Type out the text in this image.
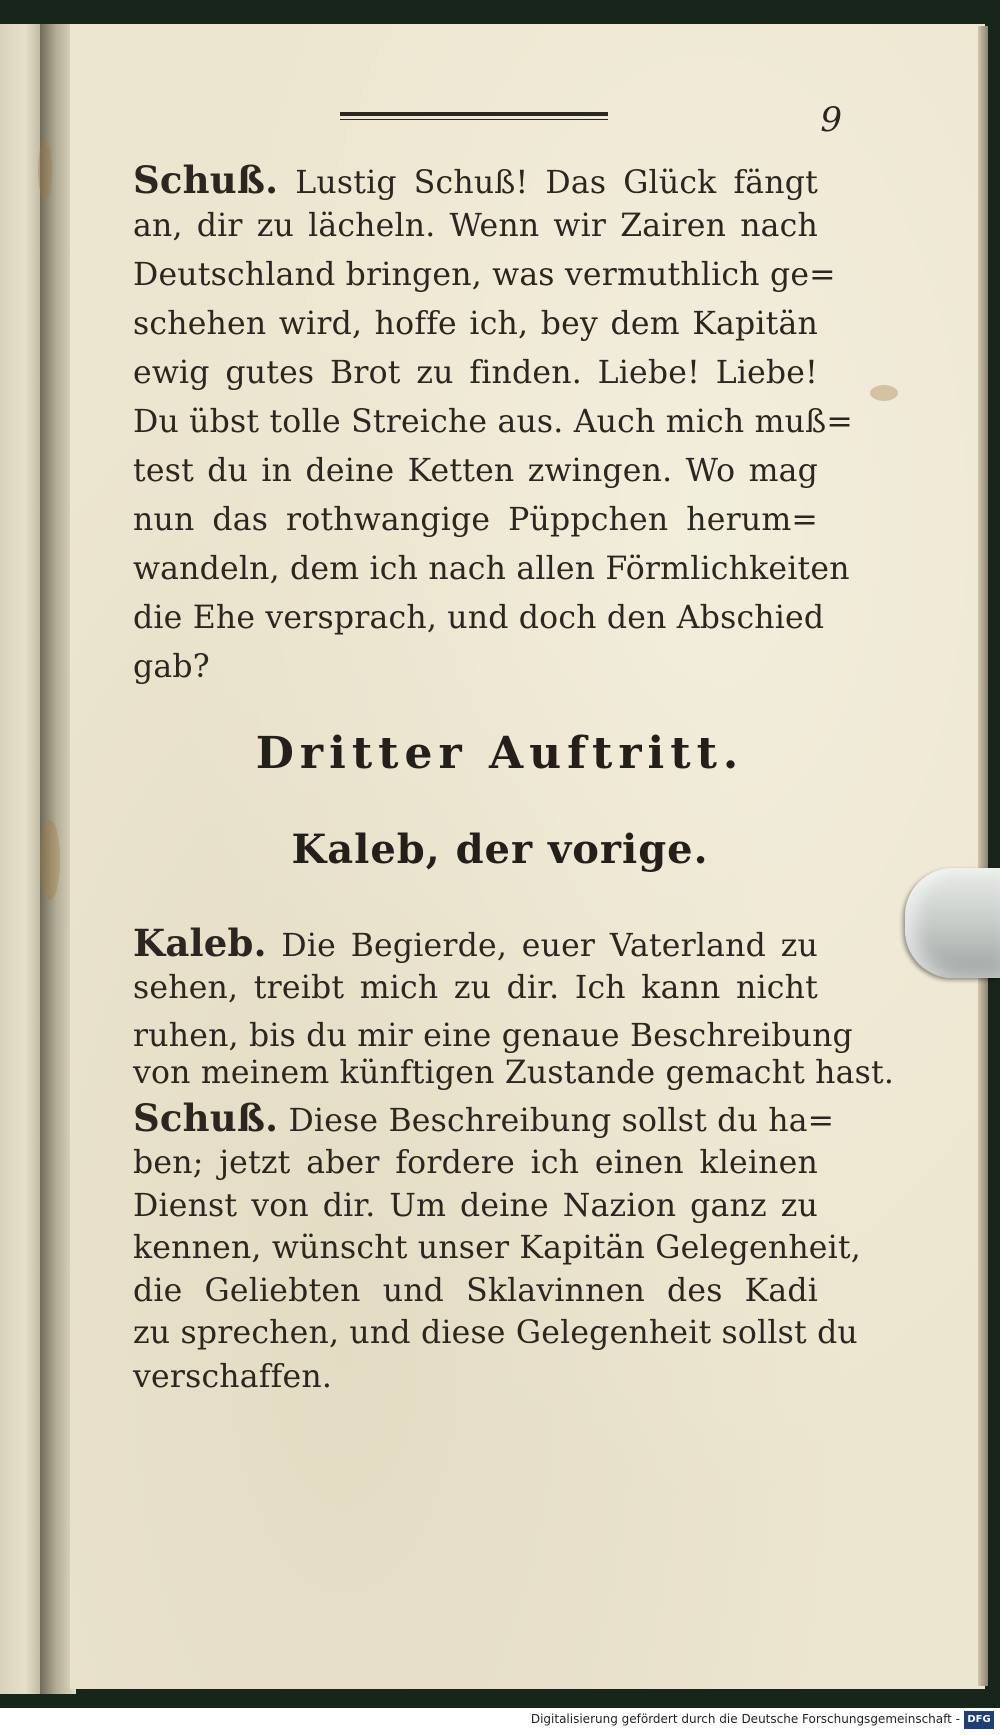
9
Schuß. Lustig Schuß! Das Glück fängt
an, dir zu lächeln. Wenn wir Zairen nach
Deutschland bringen, was vermuthlich ge=
schehen wird, hoffe ich, bey dem Kapitän
ewig gutes Brot zu finden. Liebe! Liebe!
Du übst tolle Streiche aus. Auch mich muß=
test du in deine Ketten zwingen. Wo mag
nun das rothwangige Püppchen herum=
wandeln, dem ich nach allen Förmlichkeiten
die Ehe versprach, und doch den Abschied
gab?
Dritter Auftritt.
Kaleb, der vorige.
Kaleb. Die Begierde, euer Vaterland zu
sehen, treibt mich zu dir. Ich kann nicht
ruhen, bis du mir eine genaue Beschreibung
von meinem künftigen Zustande gemacht hast.
Schuß. Diese Beschreibung sollst du ha=
ben; jetzt aber fordere ich einen kleinen
Dienst von dir. Um deine Nazion ganz zu
kennen, wünscht unser Kapitän Gelegenheit,
die Geliebten und Sklavinnen des Kadi
zu sprechen, und diese Gelegenheit sollst du
verschaffen.
Digitalisierung gefördert durch die Deutsche Forschungsgemeinschaft - DFG
